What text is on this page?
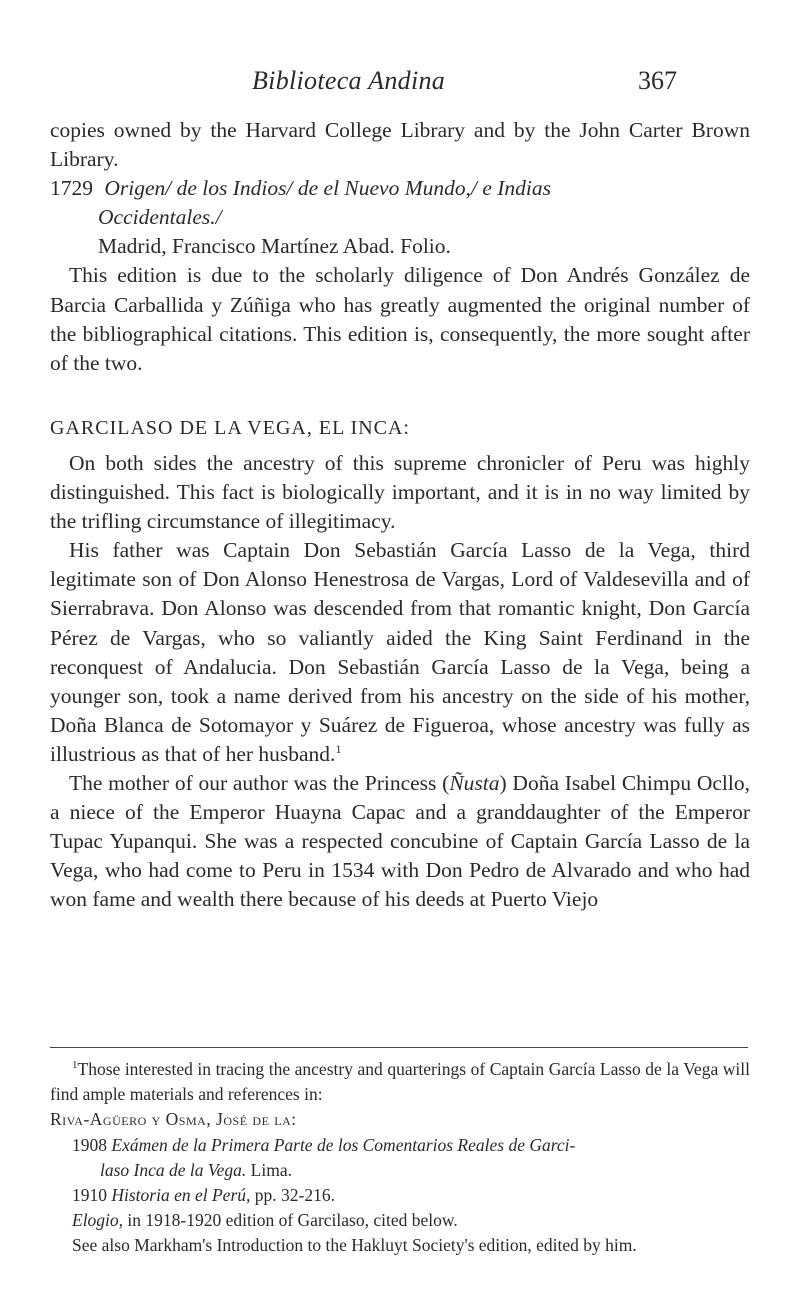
Biblioteca Andina	367

copies owned by the Harvard College Library and by the John Carter Brown Library.

1729 Origen/ de los Indios/ de el Nuevo Mundo,/ e Indias

Occidentales./

Madrid, Francisco Martínez Abad. Folio.

This edition is due to the scholarly diligence of Don Andrés González de Barcia Carballida y Zúñiga who has greatly augmented the original number of the bibliographical citations. This edition is, consequently, the more sought after of the two.

GARCILASO DE LA VEGA, EL INCA:

On both sides the ancestry of this supreme chronicler of Peru was highly distinguished. This fact is biologically important, and it is in no way limited by the trifling circumstance of illegitimacy.

His father was Captain Don Sebastián García Lasso de la Vega, third legitimate son of Don Alonso Henestrosa de Vargas, Lord of Valdesevilla and of Sierrabrava. Don Alonso was descended from that romantic knight, Don García Pérez de Vargas, who so valiantly aided the King Saint Ferdinand in the reconquest of Andalucia. Don Sebastián García Lasso de la Vega, being a younger son, took a name derived from his ancestry on the side of his mother, Doña Blanca de Sotomayor y Suárez de Figueroa, whose ancestry was fully as illustrious as that of her husband.$^1$

The mother of our author was the Princess (Ñusta) Doña Isabel Chimpu Ocllo, a niece of the Emperor Huayna Capac and a granddaughter of the Emperor Tupac Yupanqui. She was a respected concubine of Captain García Lasso de la Vega, who had come to Peru in 1534 with Don Pedro de Alvarado and who had won fame and wealth there because of his deeds at Puerto Viejo

$^1$Those interested in tracing the ancestry and quarterings of Captain García Lasso de la Vega will find ample materials and references in:

Riva-Agüero y Osma, José de la:

1908 Exámen de la Primera Parte de los Comentarios Reales de Garci-

laso Inca de la Vega. Lima.

1910 Historia en el Perú, pp. 32-216.

Elogio, in 1918-1920 edition of Garcilaso, cited below.

See also Markham's Introduction to the Hakluyt Society's edition, edited by him.
